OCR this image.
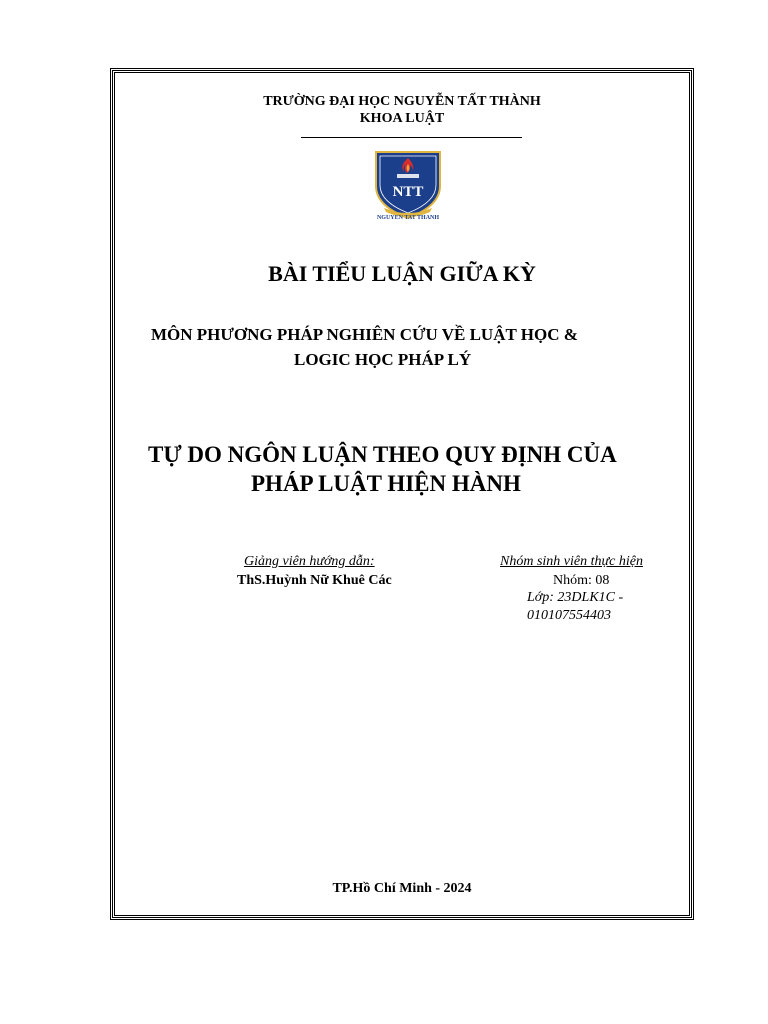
TRƯỜNG ĐẠI HỌC NGUYỄN TẤT THÀNH
KHOA LUẬT
NTT
NGUYEN TAT THANH
BÀI TIỂU LUẬN GIỮA KỲ
MÔN PHƯƠNG PHÁP NGHIÊN CỨU VỀ LUẬT HỌC &
LOGIC HỌC PHÁP LÝ
TỰ DO NGÔN LUẬN THEO QUY ĐỊNH CỦA
PHÁP LUẬT HIỆN HÀNH
Giảng viên hướng dẫn:
ThS.Huỳnh Nữ Khuê Các
Nhóm sinh viên thực hiện
Nhóm: 08
Lớp: 23DLK1C -
010107554403
TP.Hồ Chí Minh - 2024
